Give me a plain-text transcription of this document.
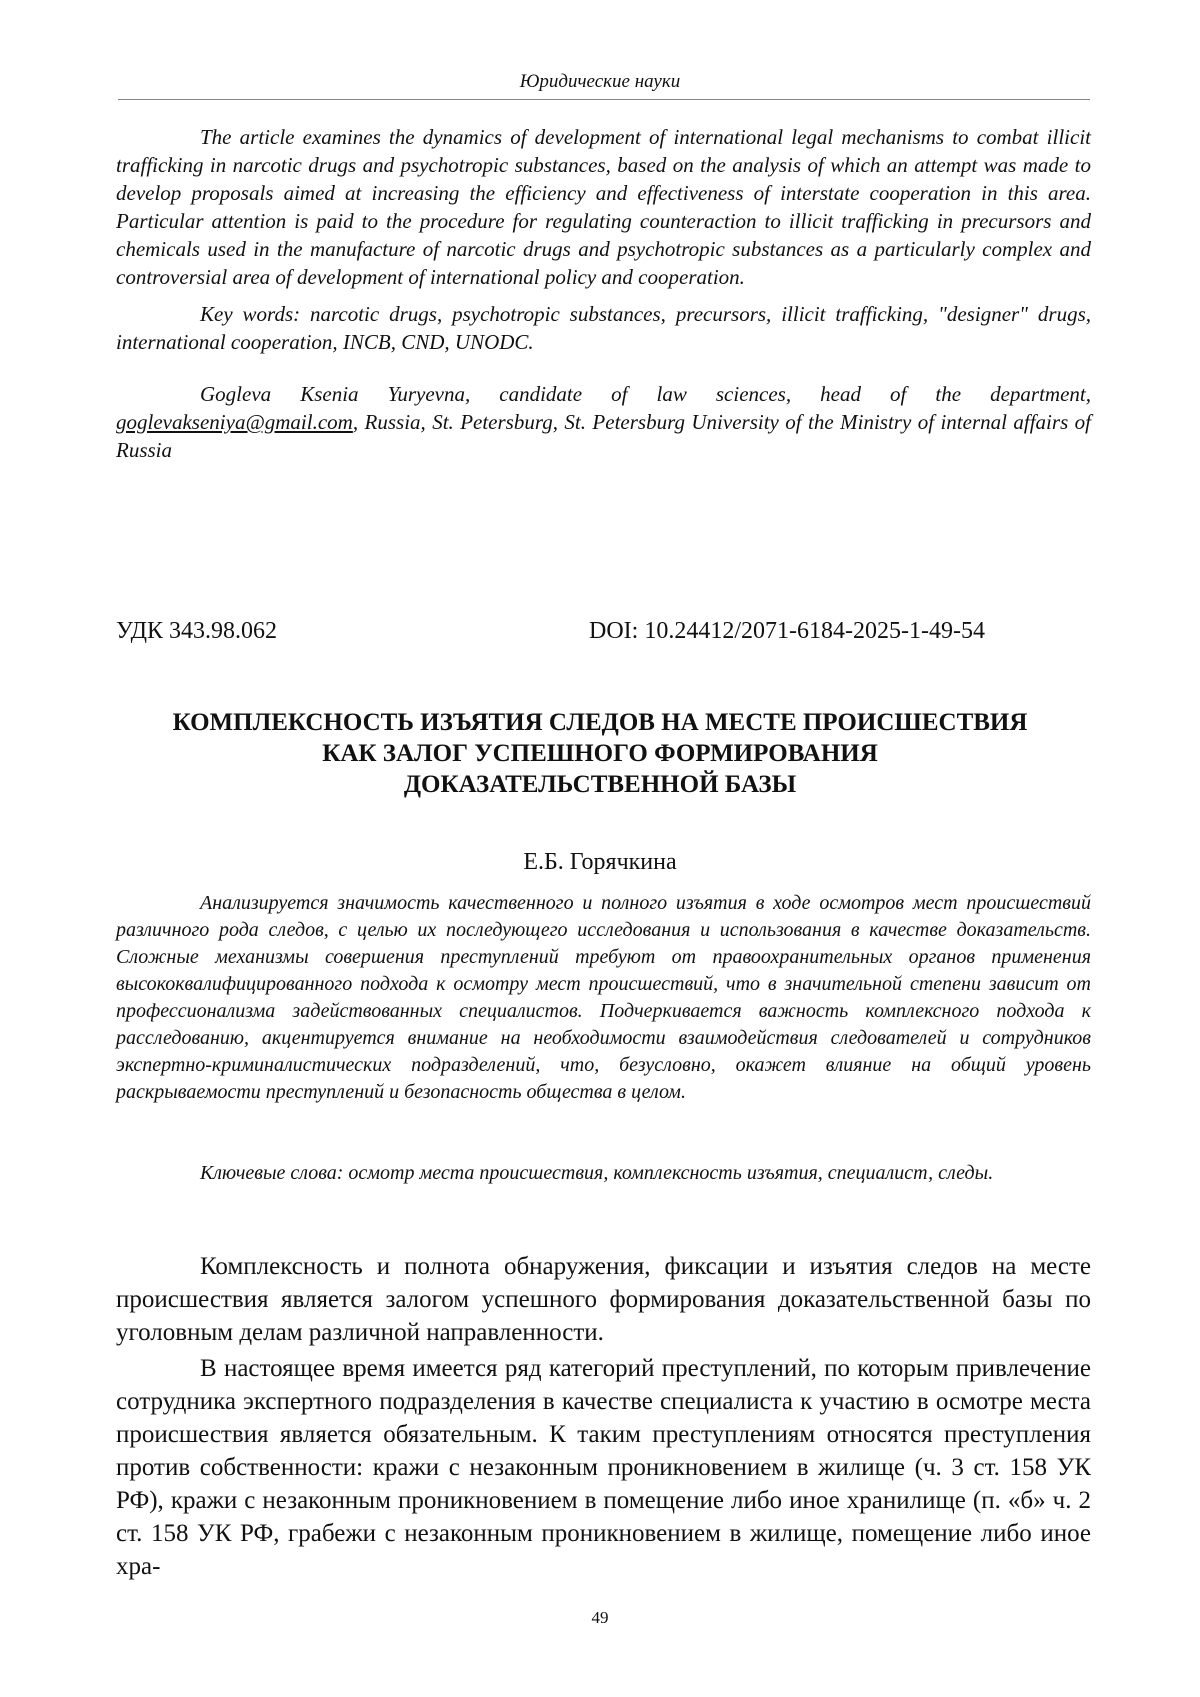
Юридические науки

The article examines the dynamics of development of international legal mechanisms to combat illicit trafficking in narcotic drugs and psychotropic substances, based on the analysis of which an attempt was made to develop proposals aimed at increasing the efficiency and effectiveness of interstate cooperation in this area. Particular attention is paid to the procedure for regulating counteraction to illicit trafficking in precursors and chemicals used in the manufacture of narcotic drugs and psychotropic substances as a particularly complex and controversial area of development of international policy and cooperation.

Key words: narcotic drugs, psychotropic substances, precursors, illicit trafficking, "designer" drugs, international cooperation, INCB, CND, UNODC.

Gogleva Ksenia Yuryevna, candidate of law sciences, head of the department, goglevakseniya@gmail.com, Russia, St. Petersburg, St. Petersburg University of the Ministry of internal affairs of Russia

УДК 343.98.062	DOI: 10.24412/2071-6184-2025-1-49-54
КОМПЛЕКСНОСТЬ ИЗЪЯТИЯ СЛЕДОВ НА МЕСТЕ ПРОИСШЕСТВИЯ
КАК ЗАЛОГ УСПЕШНОГО ФОРМИРОВАНИЯ
ДОКАЗАТЕЛЬСТВЕННОЙ БАЗЫ
Е.Б. Горячкина

Анализируется значимость качественного и полного изъятия в ходе осмотров мест происшествий различного рода следов, с целью их последующего исследования и использования в качестве доказательств. Сложные механизмы совершения преступлений требуют от правоохранительных органов применения высококвалифицированного подхода к осмотру мест происшествий, что в значительной степени зависит от профессионализма задействованных специалистов. Подчеркивается важность комплексного подхода к расследованию, акцентируется внимание на необходимости взаимодействия следователей и сотрудников экспертно-криминалистических подразделений, что, безусловно, окажет влияние на общий уровень раскрываемости преступлений и безопасность общества в целом.

Ключевые слова: осмотр места происшествия, комплексность изъятия, специалист, следы.

Комплексность и полнота обнаружения, фиксации и изъятия следов на месте происшествия является залогом успешного формирования доказательственной базы по уголовным делам различной направленности.

В настоящее время имеется ряд категорий преступлений, по которым привлечение сотрудника экспертного подразделения в качестве специалиста к участию в осмотре места происшествия является обязательным. К таким преступлениям относятся преступления против собственности: кражи с незаконным проникновением в жилище (ч. 3 ст. 158 УК РФ), кражи с незаконным проникновением в помещение либо иное хранилище (п. «б» ч. 2 ст. 158 УК РФ, грабежи с незаконным проникновением в жилище, помещение либо иное хра-

49
